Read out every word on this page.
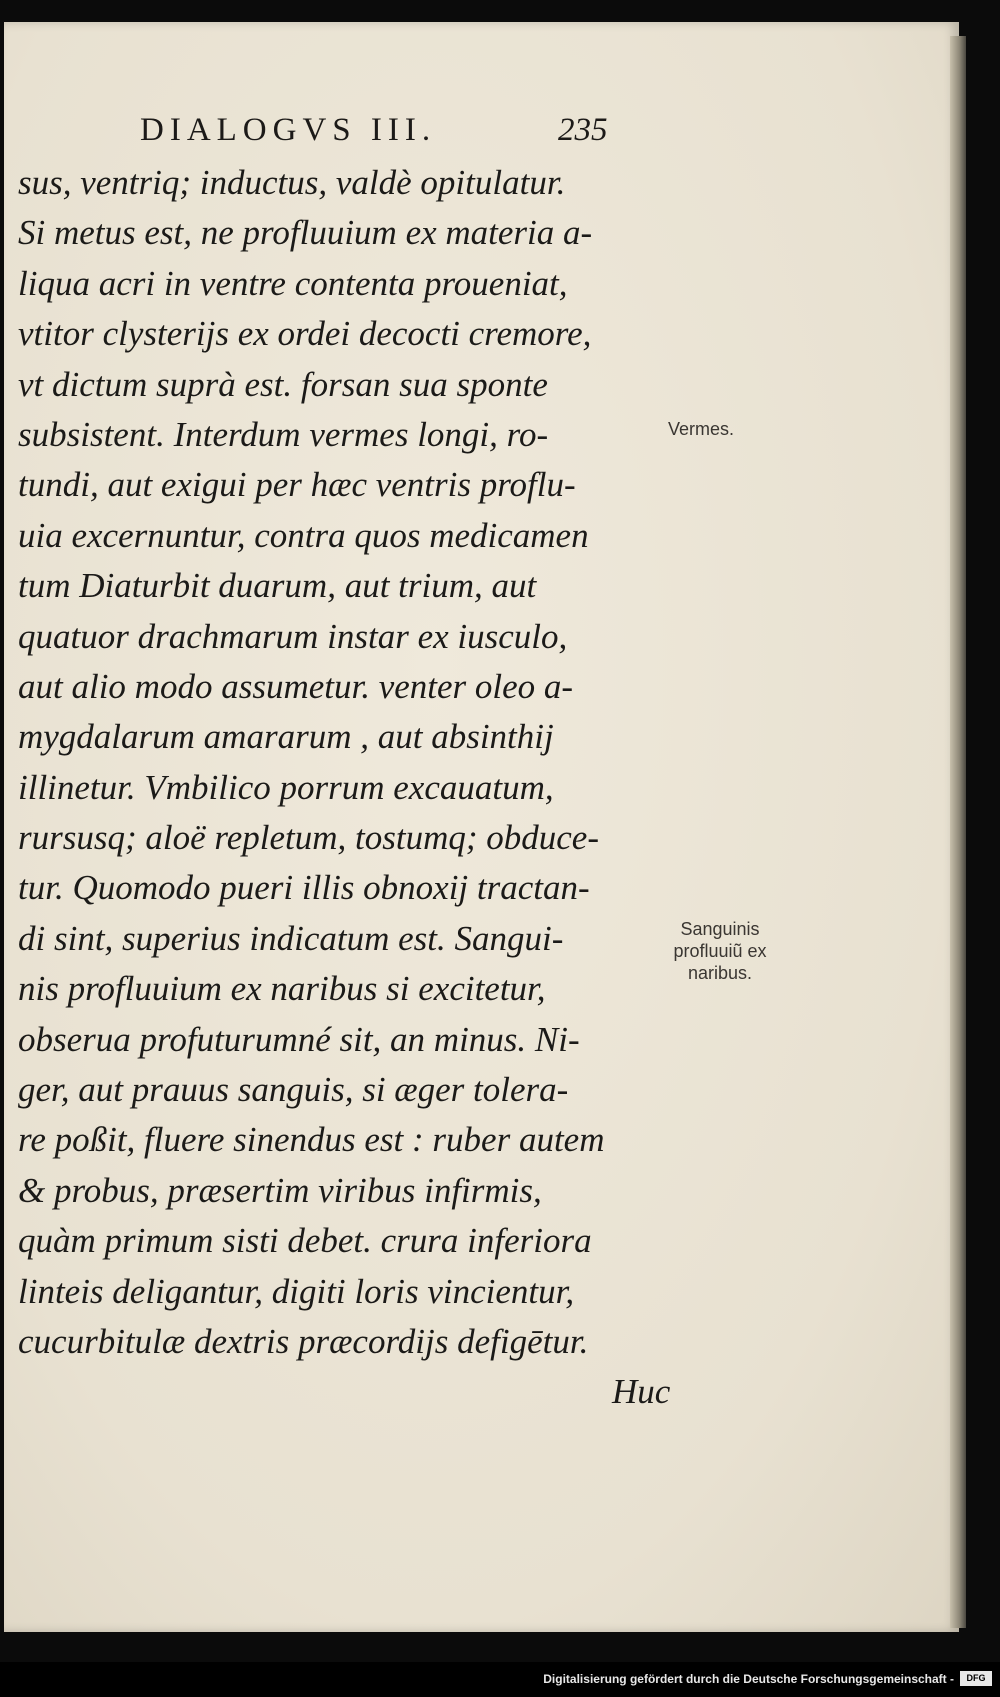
DIALOGVS III.	235
sus, ventriq; inductus, valdè opitulatur.
Si metus est, ne profluuium ex materia a-
liqua acri in ventre contenta proueniat,
vtitor clysterijs ex ordei decocti cremore,
vt dictum suprà est. forsan sua sponte
subsistent. Interdum vermes longi, ro-
tundi, aut exigui per hæc ventris proflu-
uia excernuntur, contra quos medicamen
tum Diaturbit duarum, aut trium, aut
quatuor drachmarum instar ex iusculo,
aut alio modo assumetur. venter oleo a-
mygdalarum amararum , aut absinthij
illinetur. Vmbilico porrum excauatum,
rursusq; aloë repletum, tostumq; obduce-
tur. Quomodo pueri illis obnoxij tractan-
di sint, superius indicatum est. Sangui-
nis profluuium ex naribus si excitetur,
obserua profuturumné sit, an minus. Ni-
ger, aut prauus sanguis, si æger tolera-
re poßit, fluere sinendus est : ruber autem
& probus, præsertim viribus infirmis,
quàm primum sisti debet. crura inferiora
linteis deligantur, digiti loris vincientur,
cucurbitulæ dextris præcordijs defigētur.
Huc
Vermes.
Sanguinis
profluuiũ ex
naribus.
Digitalisierung gefördert durch die Deutsche Forschungsgemeinschaft -	DFG
